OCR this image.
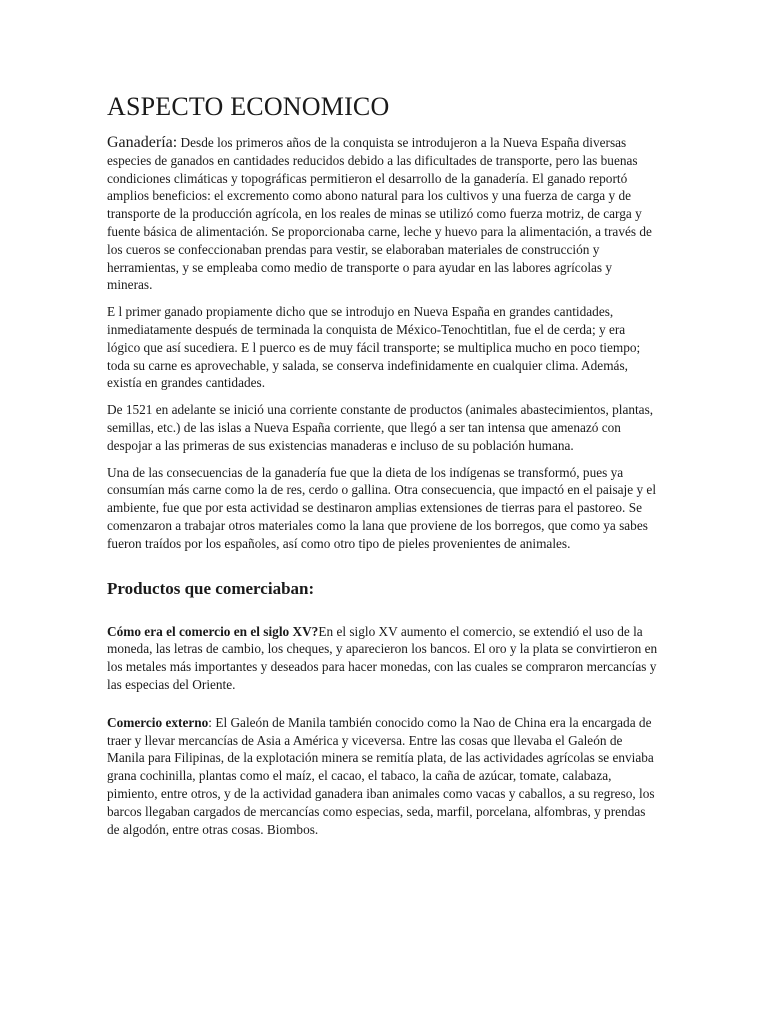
ASPECTO ECONOMICO

Ganadería: Desde los primeros años de la conquista se introdujeron a la Nueva España diversas especies de ganados en cantidades reducidos debido a las dificultades de transporte, pero las buenas condiciones climáticas y topográficas permitieron el desarrollo de la ganadería. El ganado reportó amplios beneficios: el excremento como abono natural para los cultivos y una fuerza de carga y de transporte de la producción agrícola, en los reales de minas se utilizó como fuerza motriz, de carga y fuente básica de alimentación. Se proporcionaba carne, leche y huevo para la alimentación, a través de los cueros se confeccionaban prendas para vestir, se elaboraban materiales de construcción y herramientas, y se empleaba como medio de transporte o para ayudar en las labores agrícolas y mineras.

E l primer ganado propiamente dicho que se introdujo en Nueva España en grandes cantidades, inmediatamente después de terminada la conquista de México-Tenochtitlan, fue el de cerda; y era lógico que así sucediera. E l puerco es de muy fácil transporte; se multiplica mucho en poco tiempo; toda su carne es aprovechable, y salada, se conserva indefinidamente en cualquier clima. Además, existía en grandes cantidades.

De 1521 en adelante se inició una corriente constante de productos (animales abastecimientos, plantas, semillas, etc.) de las islas a Nueva España corriente, que llegó a ser tan intensa que amenazó con despojar a las primeras de sus existencias manaderas e incluso de su población humana.

Una de las consecuencias de la ganadería fue que la dieta de los indígenas se transformó, pues ya consumían más carne como la de res, cerdo o gallina. Otra consecuencia, que impactó en el paisaje y el ambiente, fue que por esta actividad se destinaron amplias extensiones de tierras para el pastoreo. Se comenzaron a trabajar otros materiales como la lana que proviene de los borregos, que como ya sabes fueron traídos por los españoles, así como otro tipo de pieles provenientes de animales.

Productos que comerciaban:

Cómo era el comercio en el siglo XV?En el siglo XV aumento el comercio, se extendió el uso de la moneda, las letras de cambio, los cheques, y aparecieron los bancos. El oro y la plata se convirtieron en los metales más importantes y deseados para hacer monedas, con las cuales se compraron mercancías y las especias del Oriente.

Comercio externo: El Galeón de Manila también conocido como la Nao de China era la encargada de traer y llevar mercancías de Asia a América y viceversa. Entre las cosas que llevaba el Galeón de Manila para Filipinas, de la explotación minera se remitía plata, de las actividades agrícolas se enviaba grana cochinilla, plantas como el maíz, el cacao, el tabaco, la caña de azúcar, tomate, calabaza, pimiento, entre otros, y de la actividad ganadera iban animales como vacas y caballos, a su regreso, los barcos llegaban cargados de mercancías como especias, seda, marfil, porcelana, alfombras, y prendas de algodón, entre otras cosas. Biombos.
